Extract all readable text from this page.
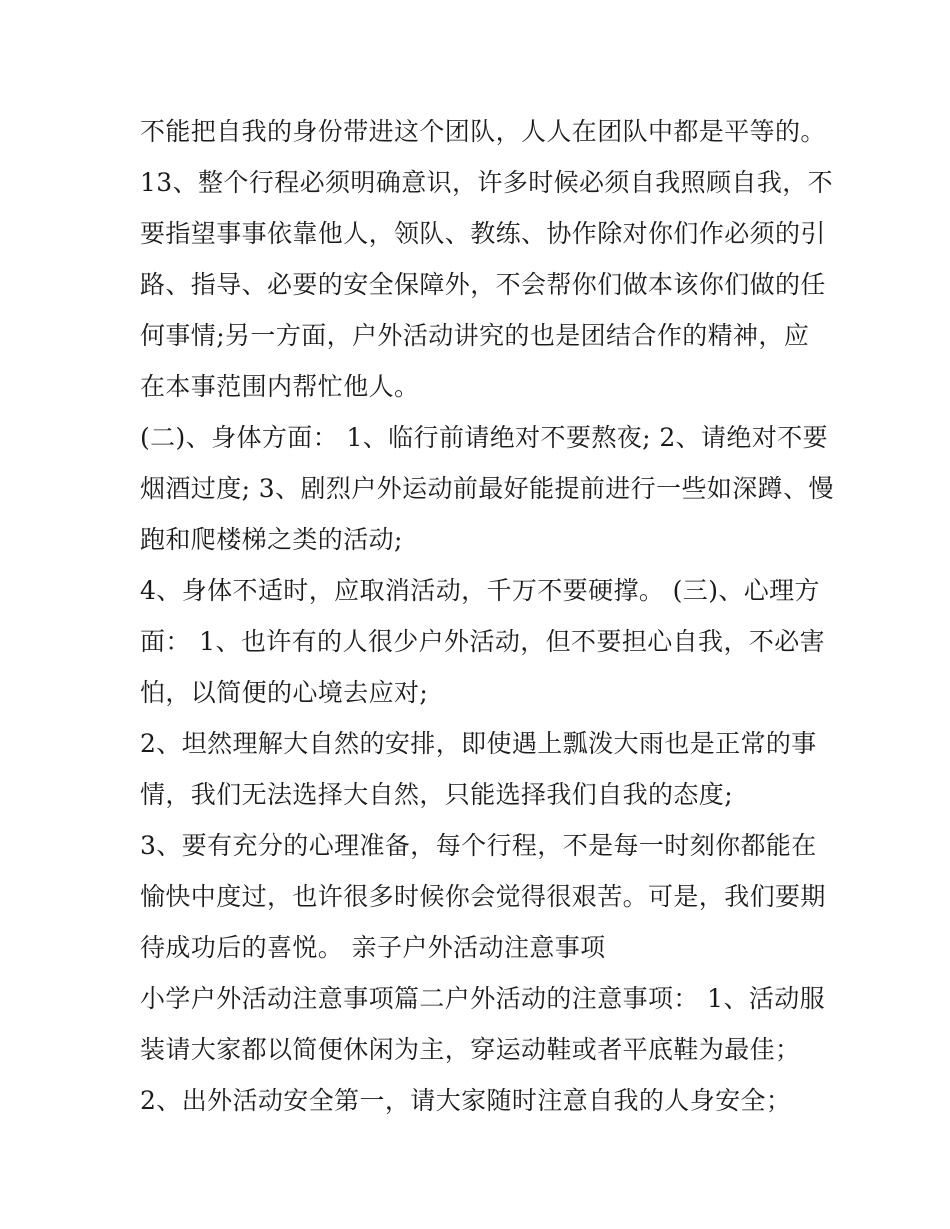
不能把自我的身份带进这个团队，人人在团队中都是平等的。
13、整个行程必须明确意识，许多时候必须自我照顾自我，不
要指望事事依靠他人，领队、教练、协作除对你们作必须的引
路、指导、必要的安全保障外，不会帮你们做本该你们做的任
何事情;另一方面，户外活动讲究的也是团结合作的精神，应
在本事范围内帮忙他人。
(二)、身体方面： 1、临行前请绝对不要熬夜; 2、请绝对不要
烟酒过度; 3、剧烈户外运动前最好能提前进行一些如深蹲、慢
跑和爬楼梯之类的活动;
4、身体不适时，应取消活动，千万不要硬撑。 (三)、心理方
面： 1、也许有的人很少户外活动，但不要担心自我，不必害
怕，以简便的心境去应对;
2、坦然理解大自然的安排，即使遇上瓢泼大雨也是正常的事
情，我们无法选择大自然，只能选择我们自我的态度;
3、要有充分的心理准备，每个行程，不是每一时刻你都能在
愉快中度过，也许很多时候你会觉得很艰苦。可是，我们要期
待成功后的喜悦。 亲子户外活动注意事项
小学户外活动注意事项篇二户外活动的注意事项： 1、活动服
装请大家都以简便休闲为主，穿运动鞋或者平底鞋为最佳；
2、出外活动安全第一，请大家随时注意自我的人身安全；
